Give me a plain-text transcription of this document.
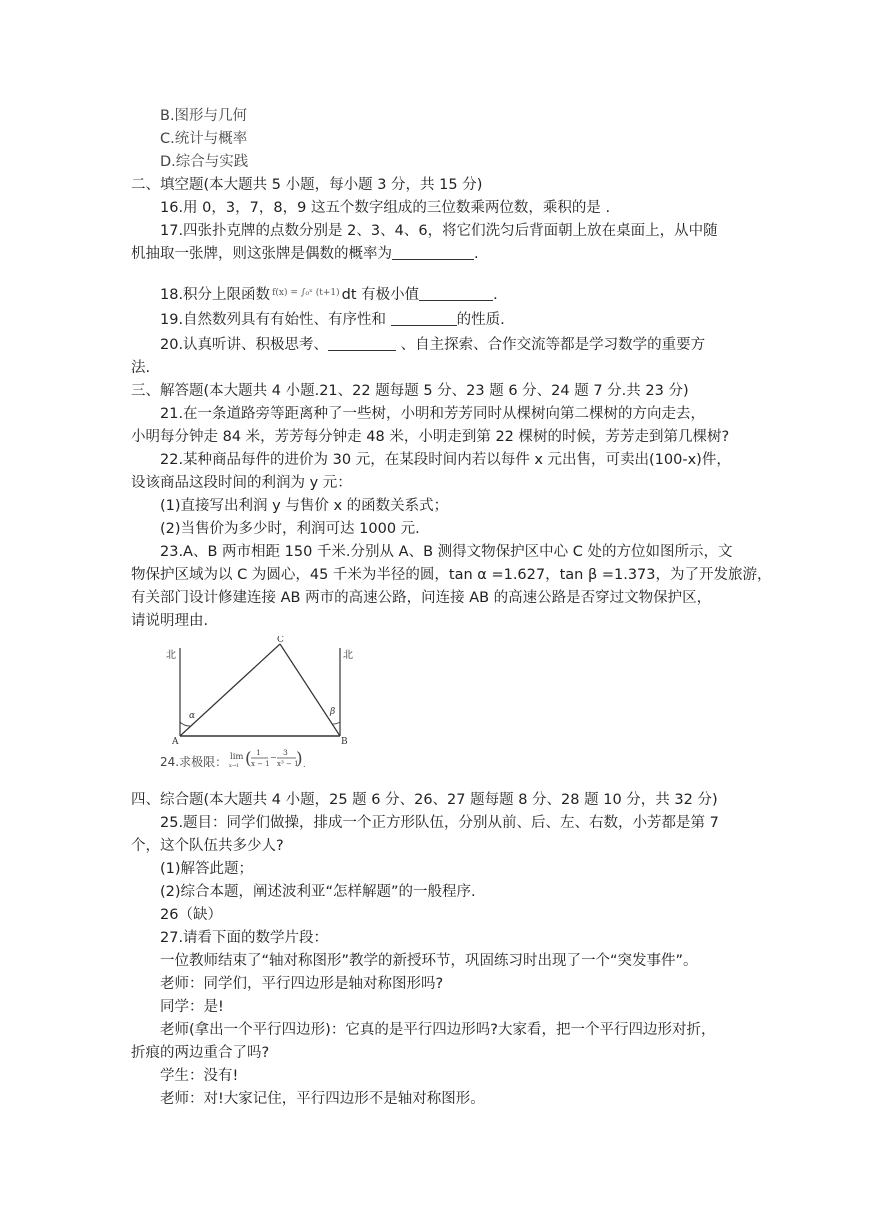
B.图形与几何
C.统计与概率
D.综合与实践
二、填空题(本大题共 5 小题，每小题 3 分，共 15 分)
16.用 0，3，7，8，9 这五个数字组成的三位数乘两位数，乘积的是 .
17.四张扑克牌的点数分别是 2、3、4、6，将它们洗匀后背面朝上放在桌面上，从中随
机抽取一张牌，则这张牌是偶数的概率为	.
18.积分上限函数 f(x) = ∫₀ˣ (t+1) dt 有极小值	.
19.自然数列具有有始性、有序性和	的性质.
20.认真听讲、积极思考、	、自主探索、合作交流等都是学习数学的重要方
法.
三、解答题(本大题共 4 小题.21、22 题每题 5 分、23 题 6 分、24 题 7 分.共 23 分)
21.在一条道路旁等距离种了一些树，小明和芳芳同时从棵树向第二棵树的方向走去，
小明每分钟走 84 米，芳芳每分钟走 48 米，小明走到第 22 棵树的时候，芳芳走到第几棵树?
22.某种商品每件的进价为 30 元，在某段时间内若以每件 x 元出售，可卖出(100-x)件，
设该商品这段时间的利润为 y 元：
(1)直接写出利润 y 与售价 x 的函数关系式；
(2)当售价为多少时，利润可达 1000 元.
23.A、B 两市相距 150 千米.分别从 A、B 测得文物保护区中心 C 处的方位如图所示，文
物保护区域为以 C 为圆心，45 千米为半径的圆，tan α =1.627，tan β =1.373，为了开发旅游，
有关部门设计修建连接 AB 两市的高速公路，问连接 AB 的高速公路是否穿过文物保护区，
请说明理由.
北	北
A	B
C
α	β
24.求极限： lim
x→1 ( 1
x − 1
−
3
x³ − 1
) .
四、综合题(本大题共 4 小题，25 题 6 分、26、27 题每题 8 分、28 题 10 分，共 32 分)
25.题目：同学们做操，排成一个正方形队伍，分别从前、后、左、右数，小芳都是第 7
个，这个队伍共多少人?
(1)解答此题；
(2)综合本题，阐述波利亚“怎样解题”的一般程序.
26（缺）
27.请看下面的数学片段：
一位教师结束了“轴对称图形”教学的新授环节，巩固练习时出现了一个“突发事件”。
老师：同学们，平行四边形是轴对称图形吗?
同学：是!
老师(拿出一个平行四边形)：它真的是平行四边形吗?大家看，把一个平行四边形对折，
折痕的两边重合了吗?
学生：没有!
老师：对!大家记住，平行四边形不是轴对称图形。
